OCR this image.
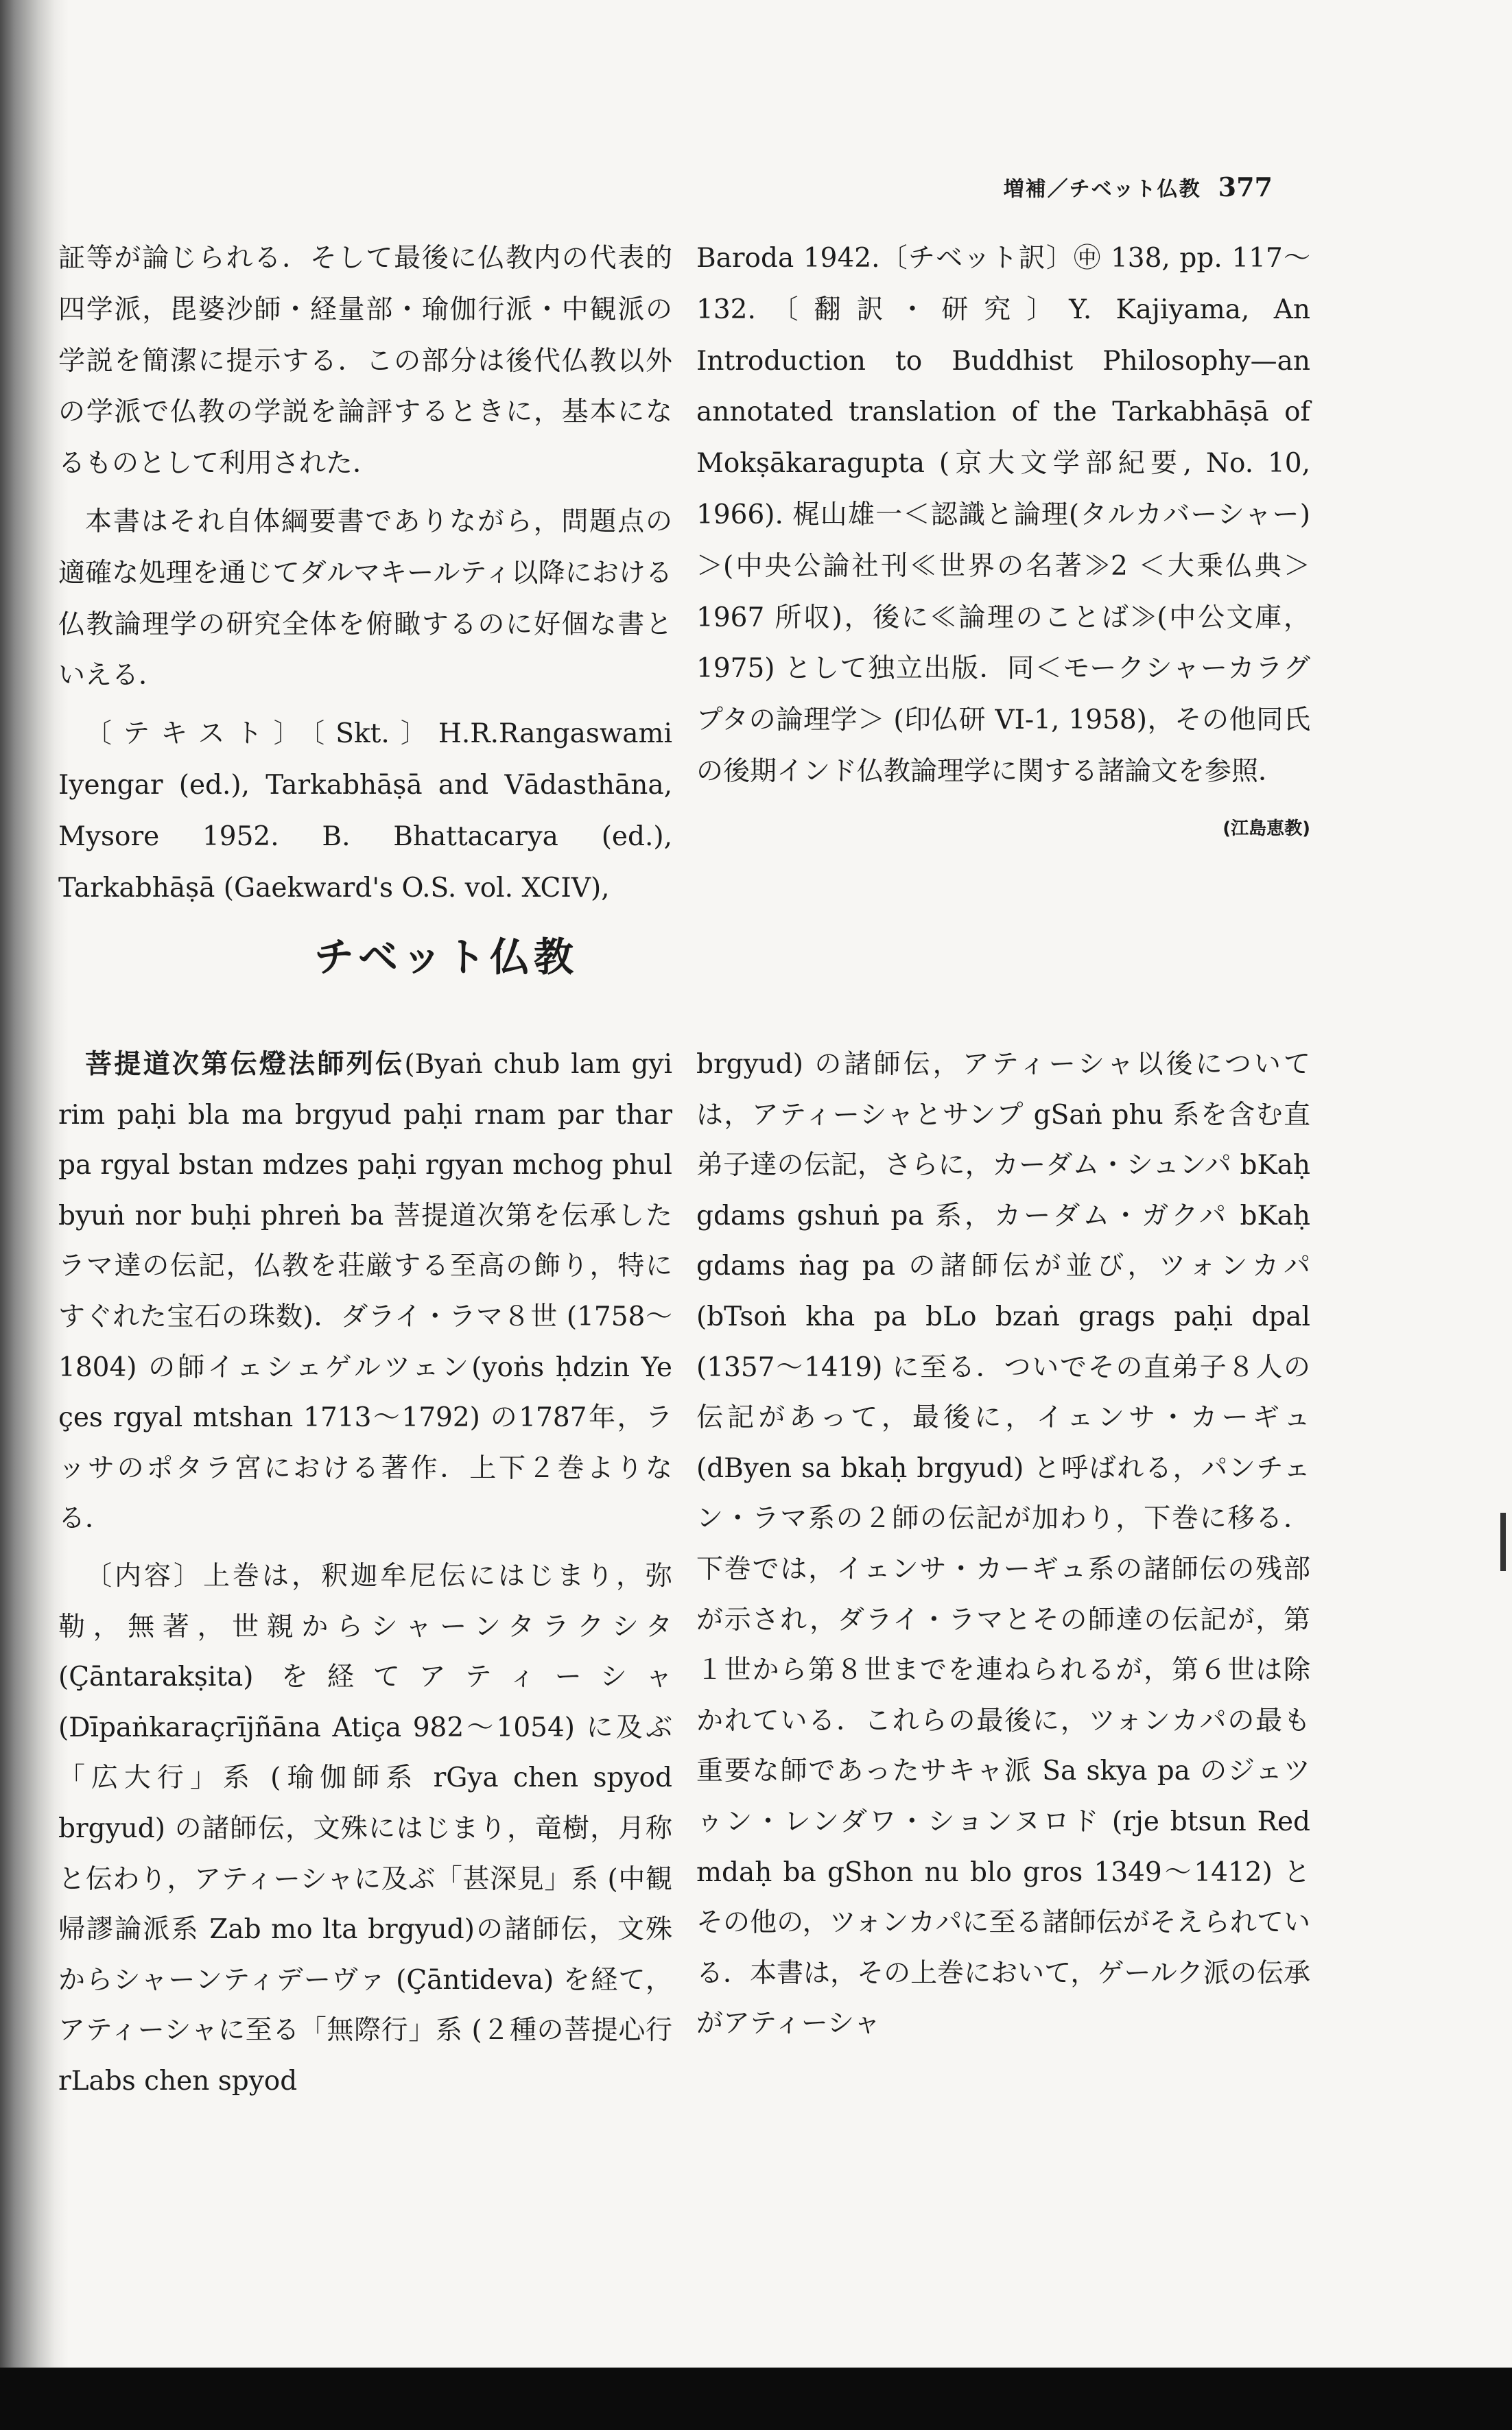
増補／チベット仏教 377

証等が論じられる．そして最後に仏教内の代表的四学派，毘婆沙師・経量部・瑜伽行派・中観派の学説を簡潔に提示する．この部分は後代仏教以外の学派で仏教の学説を論評するときに，基本になるものとして利用された．

本書はそれ自体綱要書でありながら，問題点の適確な処理を通じてダルマキールティ以降における仏教論理学の研究全体を俯瞰するのに好個な書といえる．

〔テキスト〕〔Skt.〕H.R.Rangaswami Iyengar (ed.), Tarkabhāṣā and Vādasthāna, Mysore 1952. B. Bhattacarya (ed.), Tarkabhāṣā (Gaekward's O.S. vol. XCIV),

Baroda 1942.〔チベット訳〕㊥ 138, pp. 117～132.〔翻訳・研究〕Y. Kajiyama, An Introduction to Buddhist Philosophy—an annotated translation of the Tarkabhāṣā of Mokṣākaragupta (京大文学部紀要, No. 10, 1966). 梶山雄一＜認識と論理(タルカバーシャー)＞(中央公論社刊≪世界の名著≫2 ＜大乗仏典＞ 1967 所収)，後に≪論理のことば≫(中公文庫，1975) として独立出版．同＜モークシャーカラグプタの論理学＞ (印仏研 VI-1, 1958)，その他同氏の後期インド仏教論理学に関する諸論文を参照．

(江島恵教)
チベット仏教

菩提道次第伝燈法師列伝(Byaṅ chub lam gyi rim paḥi bla ma brgyud paḥi rnam par thar pa rgyal bstan mdzes paḥi rgyan mchog phul byuṅ nor buḥi phreṅ ba 菩提道次第を伝承したラマ達の伝記，仏教を荘厳する至高の飾り，特にすぐれた宝石の珠数)．ダライ・ラマ８世 (1758～1804) の師イェシェゲルツェン(yoṅs ḥdzin Ye çes rgyal mtshan 1713～1792) の1787年，ラッサのポタラ宮における著作．上下２巻よりなる．

〔内容〕上巻は，釈迦牟尼伝にはじまり，弥勒，無著，世親からシャーンタラクシタ (Çāntarakṣita) を経てアティーシャ (Dīpaṅkaraçrījñāna Atiça 982～1054) に及ぶ「広大行」系 (瑜伽師系 rGya chen spyod brgyud) の諸師伝，文殊にはじまり，竜樹，月称と伝わり，アティーシャに及ぶ「甚深見」系 (中観帰謬論派系 Zab mo lta brgyud)の諸師伝，文殊からシャーンティデーヴァ (Çāntideva) を経て，アティーシャに至る「無際行」系 (２種の菩提心行 rLabs chen spyod

brgyud) の諸師伝，アティーシャ以後については，アティーシャとサンプ gSaṅ phu 系を含む直弟子達の伝記，さらに，カーダム・シュンパ bKaḥ gdams gshuṅ pa 系，カーダム・ガクパ bKaḥ gdams ṅag pa の諸師伝が並び，ツォンカパ (bTsoṅ kha pa bLo bzaṅ grags paḥi dpal (1357～1419) に至る．ついでその直弟子８人の伝記があって，最後に，イェンサ・カーギュ (dByen sa bkaḥ brgyud) と呼ばれる，パンチェン・ラマ系の２師の伝記が加わり，下巻に移る．下巻では，イェンサ・カーギュ系の諸師伝の残部が示され，ダライ・ラマとその師達の伝記が，第１世から第８世までを連ねられるが，第６世は除かれている．これらの最後に，ツォンカパの最も重要な師であったサキャ派 Sa skya pa のジェツゥン・レンダワ・ションヌロド (rje btsun Red mdaḥ ba gShon nu blo gros 1349～1412) とその他の，ツォンカパに至る諸師伝がそえられている．本書は，その上巻において，ゲールク派の伝承がアティーシャ
